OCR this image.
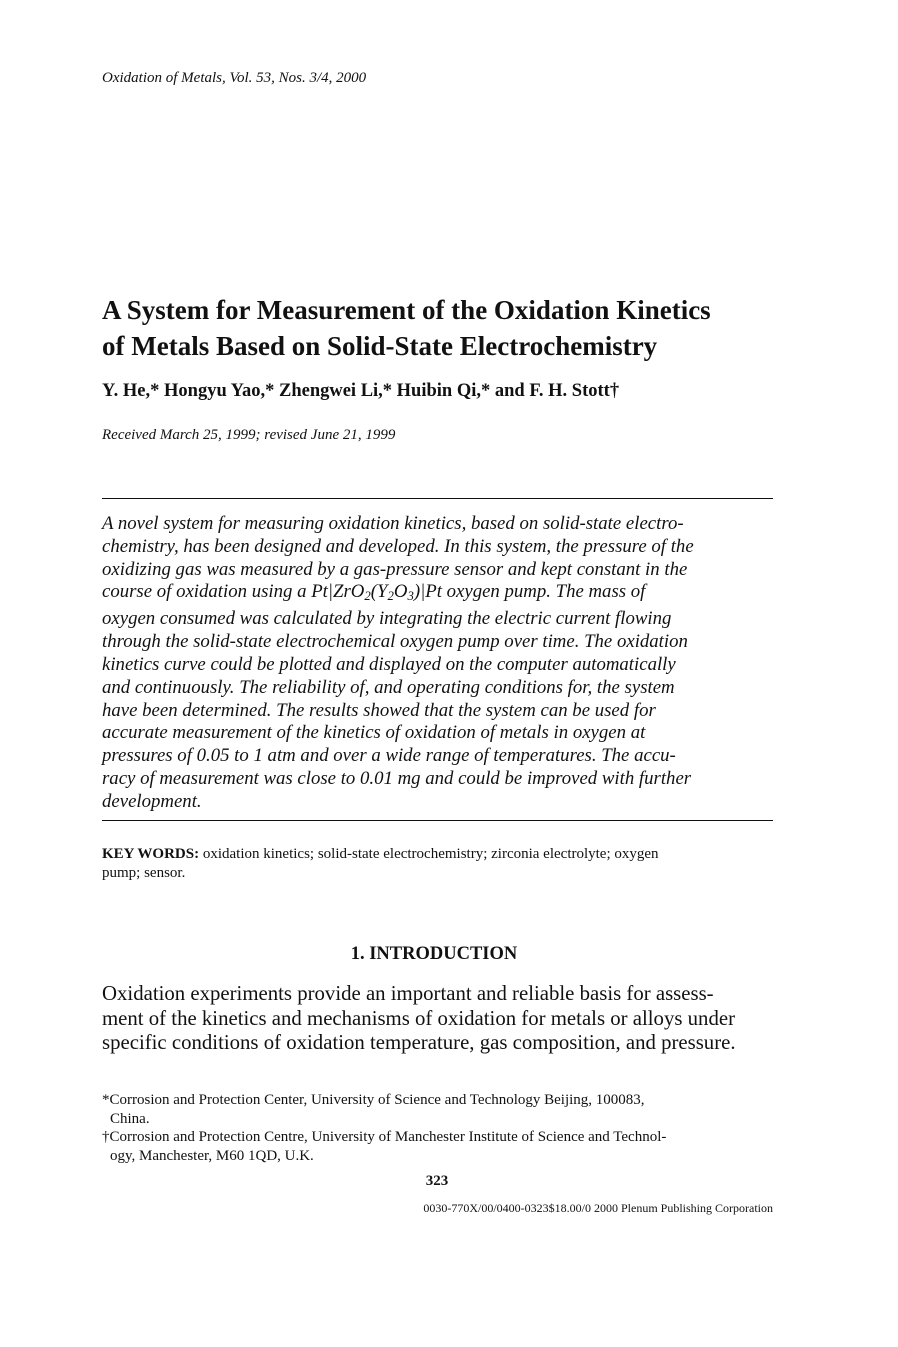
Oxidation of Metals, Vol. 53, Nos. 3/4, 2000
A System for Measurement of the Oxidation Kinetics
of Metals Based on Solid-State Electrochemistry
Y. He,* Hongyu Yao,* Zhengwei Li,* Huibin Qi,* and F. H. Stott†
Received March 25, 1999; revised June 21, 1999
A novel system for measuring oxidation kinetics, based on solid-state electro-
chemistry, has been designed and developed. In this system, the pressure of the
oxidizing gas was measured by a gas-pressure sensor and kept constant in the
course of oxidation using a $Pt|ZrO_2(Y_2O_3)|Pt$ oxygen pump. The mass of
oxygen consumed was calculated by integrating the electric current flowing
through the solid-state electrochemical oxygen pump over time. The oxidation
kinetics curve could be plotted and displayed on the computer automatically
and continuously. The reliability of, and operating conditions for, the system
have been determined. The results showed that the system can be used for
accurate measurement of the kinetics of oxidation of metals in oxygen at
pressures of 0.05 to 1 atm and over a wide range of temperatures. The accu-
racy of measurement was close to 0.01 mg and could be improved with further
development.
KEY WORDS: oxidation kinetics; solid-state electrochemistry; zirconia electrolyte; oxygen
pump; sensor.
1. INTRODUCTION
Oxidation experiments provide an important and reliable basis for assess-
ment of the kinetics and mechanisms of oxidation for metals or alloys under
specific conditions of oxidation temperature, gas composition, and pressure.
*Corrosion and Protection Center, University of Science and Technology Beijing, 100083,
China.
†Corrosion and Protection Centre, University of Manchester Institute of Science and Technol-
ogy, Manchester, M60 1QD, U.K.
323
0030-770X/00/0400-0323$18.00/0 2000 Plenum Publishing Corporation
